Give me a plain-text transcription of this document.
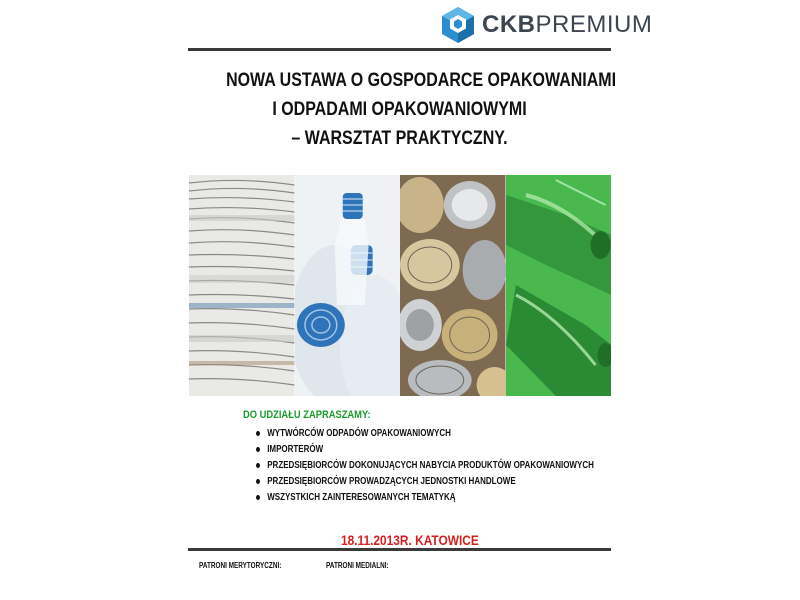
CKBPREMIUM
NOWA USTAWA O GOSPODARCE OPAKOWANIAMI
I ODPADAMI OPAKOWANIOWYMI
– WARSZTAT PRAKTYCZNY.
DO UDZIAŁU ZAPRASZAMY:
WYTWÓRCÓW ODPADÓW OPAKOWANIOWYCH
IMPORTERÓW
PRZEDSIĘBIORCÓW DOKONUJĄCYCH NABYCIA PRODUKTÓW OPAKOWANIOWYCH
PRZEDSIĘBIORCÓW PROWADZĄCYCH JEDNOSTKI HANDLOWE
WSZYSTKICH ZAINTERESOWANYCH TEMATYKĄ
18.11.2013R. KATOWICE
PATRONI MERYTORYCZNI:	PATRONI MEDIALNI:
